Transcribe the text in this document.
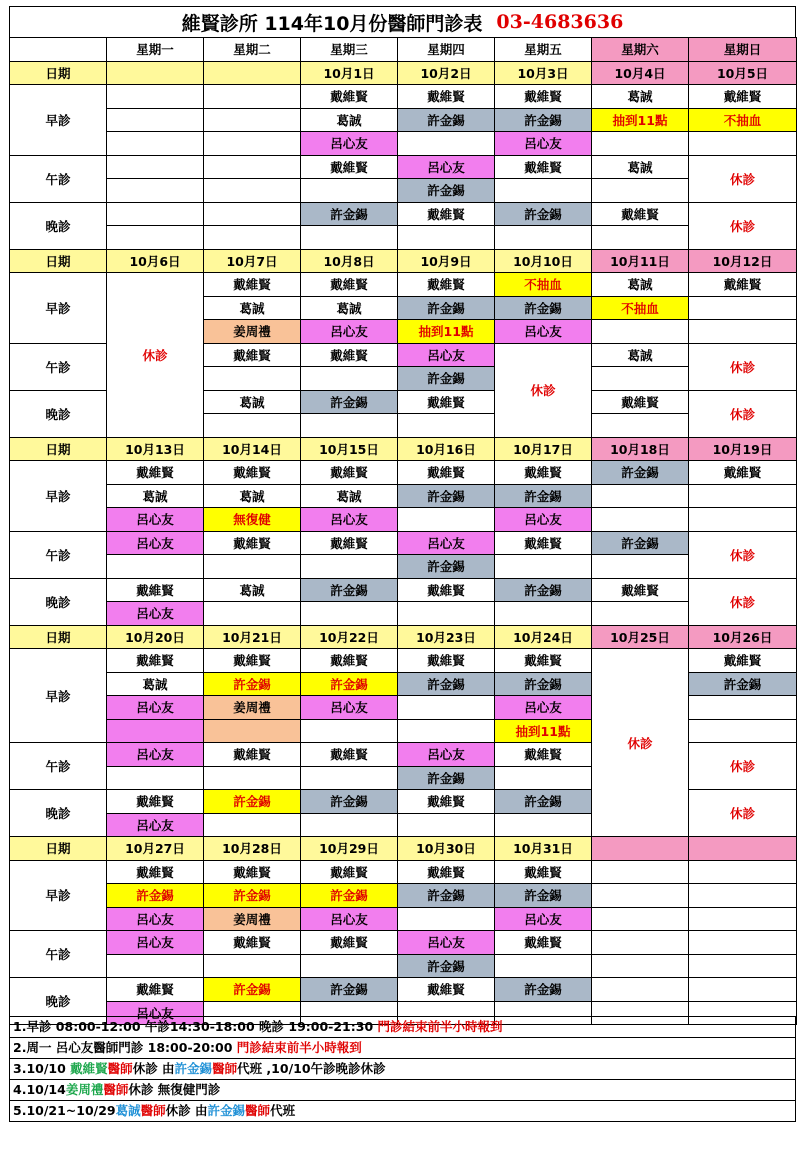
維賢診所 114年10月份醫師門診表 03-4683636
	星期一	星期二	星期三	星期四	星期五	星期六	星期日
日期			10月1日	10月2日	10月3日	10月4日	10月5日
早診			戴維賢	戴維賢	戴維賢	葛誠	戴維賢
			葛誠	許金錫	許金錫	抽到11點	不抽血
			呂心友		呂心友		
午診			戴維賢	呂心友	戴維賢	葛誠	休診
				許金錫			
晚診			許金錫	戴維賢	許金錫	戴維賢	休診

日期	10月6日	10月7日	10月8日	10月9日	10月10日	10月11日	10月12日
早診	休診	戴維賢	戴維賢	戴維賢	不抽血	葛誠	戴維賢
		葛誠	葛誠	許金錫	許金錫	不抽血	
		姜周禮	呂心友	抽到11點	呂心友		
午診		戴維賢	戴維賢	呂心友	休診	葛誠	休診
				許金錫			
晚診		葛誠	許金錫	戴維賢		戴維賢	休診

日期	10月13日	10月14日	10月15日	10月16日	10月17日	10月18日	10月19日
早診	戴維賢	戴維賢	戴維賢	戴維賢	戴維賢	許金錫	戴維賢
	葛誠	葛誠	葛誠	許金錫	許金錫		
	呂心友	無復健	呂心友		呂心友		
午診	呂心友	戴維賢	戴維賢	呂心友	戴維賢	許金錫	休診
				許金錫			
晚診	戴維賢	葛誠	許金錫	戴維賢	許金錫	戴維賢	休診
	呂心友						
日期	10月20日	10月21日	10月22日	10月23日	10月24日	10月25日	10月26日
早診	戴維賢	戴維賢	戴維賢	戴維賢	戴維賢	休診	戴維賢
	葛誠	許金錫	許金錫	許金錫	許金錫		許金錫
	呂心友	姜周禮	呂心友		呂心友		
					抽到11點		
午診	呂心友	戴維賢	戴維賢	呂心友	戴維賢		休診
				許金錫			
晚診	戴維賢	許金錫	許金錫	戴維賢	許金錫		休診
	呂心友						
日期	10月27日	10月28日	10月29日	10月30日	10月31日		
早診	戴維賢	戴維賢	戴維賢	戴維賢	戴維賢		
	許金錫	許金錫	許金錫	許金錫	許金錫		
	呂心友	姜周禮	呂心友		呂心友		
午診	呂心友	戴維賢	戴維賢	呂心友	戴維賢		
				許金錫			
晚診	戴維賢	許金錫	許金錫	戴維賢	許金錫		
	呂心友						
1.早診 08:00-12:00 午診14:30-18:00 晚診 19:00-21:30 門診結束前半小時報到
2.周一 呂心友醫師門診 18:00-20:00 門診結束前半小時報到
3.10/10 戴維賢醫師休診 由許金錫醫師代班 ,10/10午診晚診休診
4.10/14姜周禮醫師休診 無復健門診
5.10/21~10/29葛誠醫師休診 由許金錫醫師代班
